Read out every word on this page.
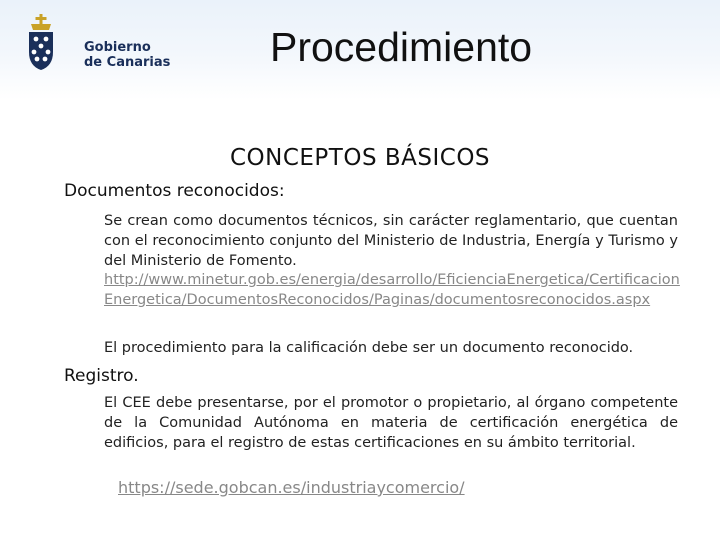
Gobierno
de Canarias Procedimiento
CONCEPTOS BÁSICOS
Documentos reconocidos:
Se crean como documentos técnicos, sin carácter reglamentario, que cuentan con el reconocimiento conjunto del Ministerio de Industria, Energía y Turismo y del Ministerio de Fomento.
http://www.minetur.gob.es/energia/desarrollo/EficienciaEnergetica/CertificacionEnergetica/DocumentosReconocidos/Paginas/documentosreconocidos.aspx
El procedimiento para la calificación debe ser un documento reconocido.
Registro.
El CEE debe presentarse, por el promotor o propietario, al órgano competente de la Comunidad Autónoma en materia de certificación energética de edificios, para el registro de estas certificaciones en su ámbito territorial.
https://sede.gobcan.es/industriaycomercio/
